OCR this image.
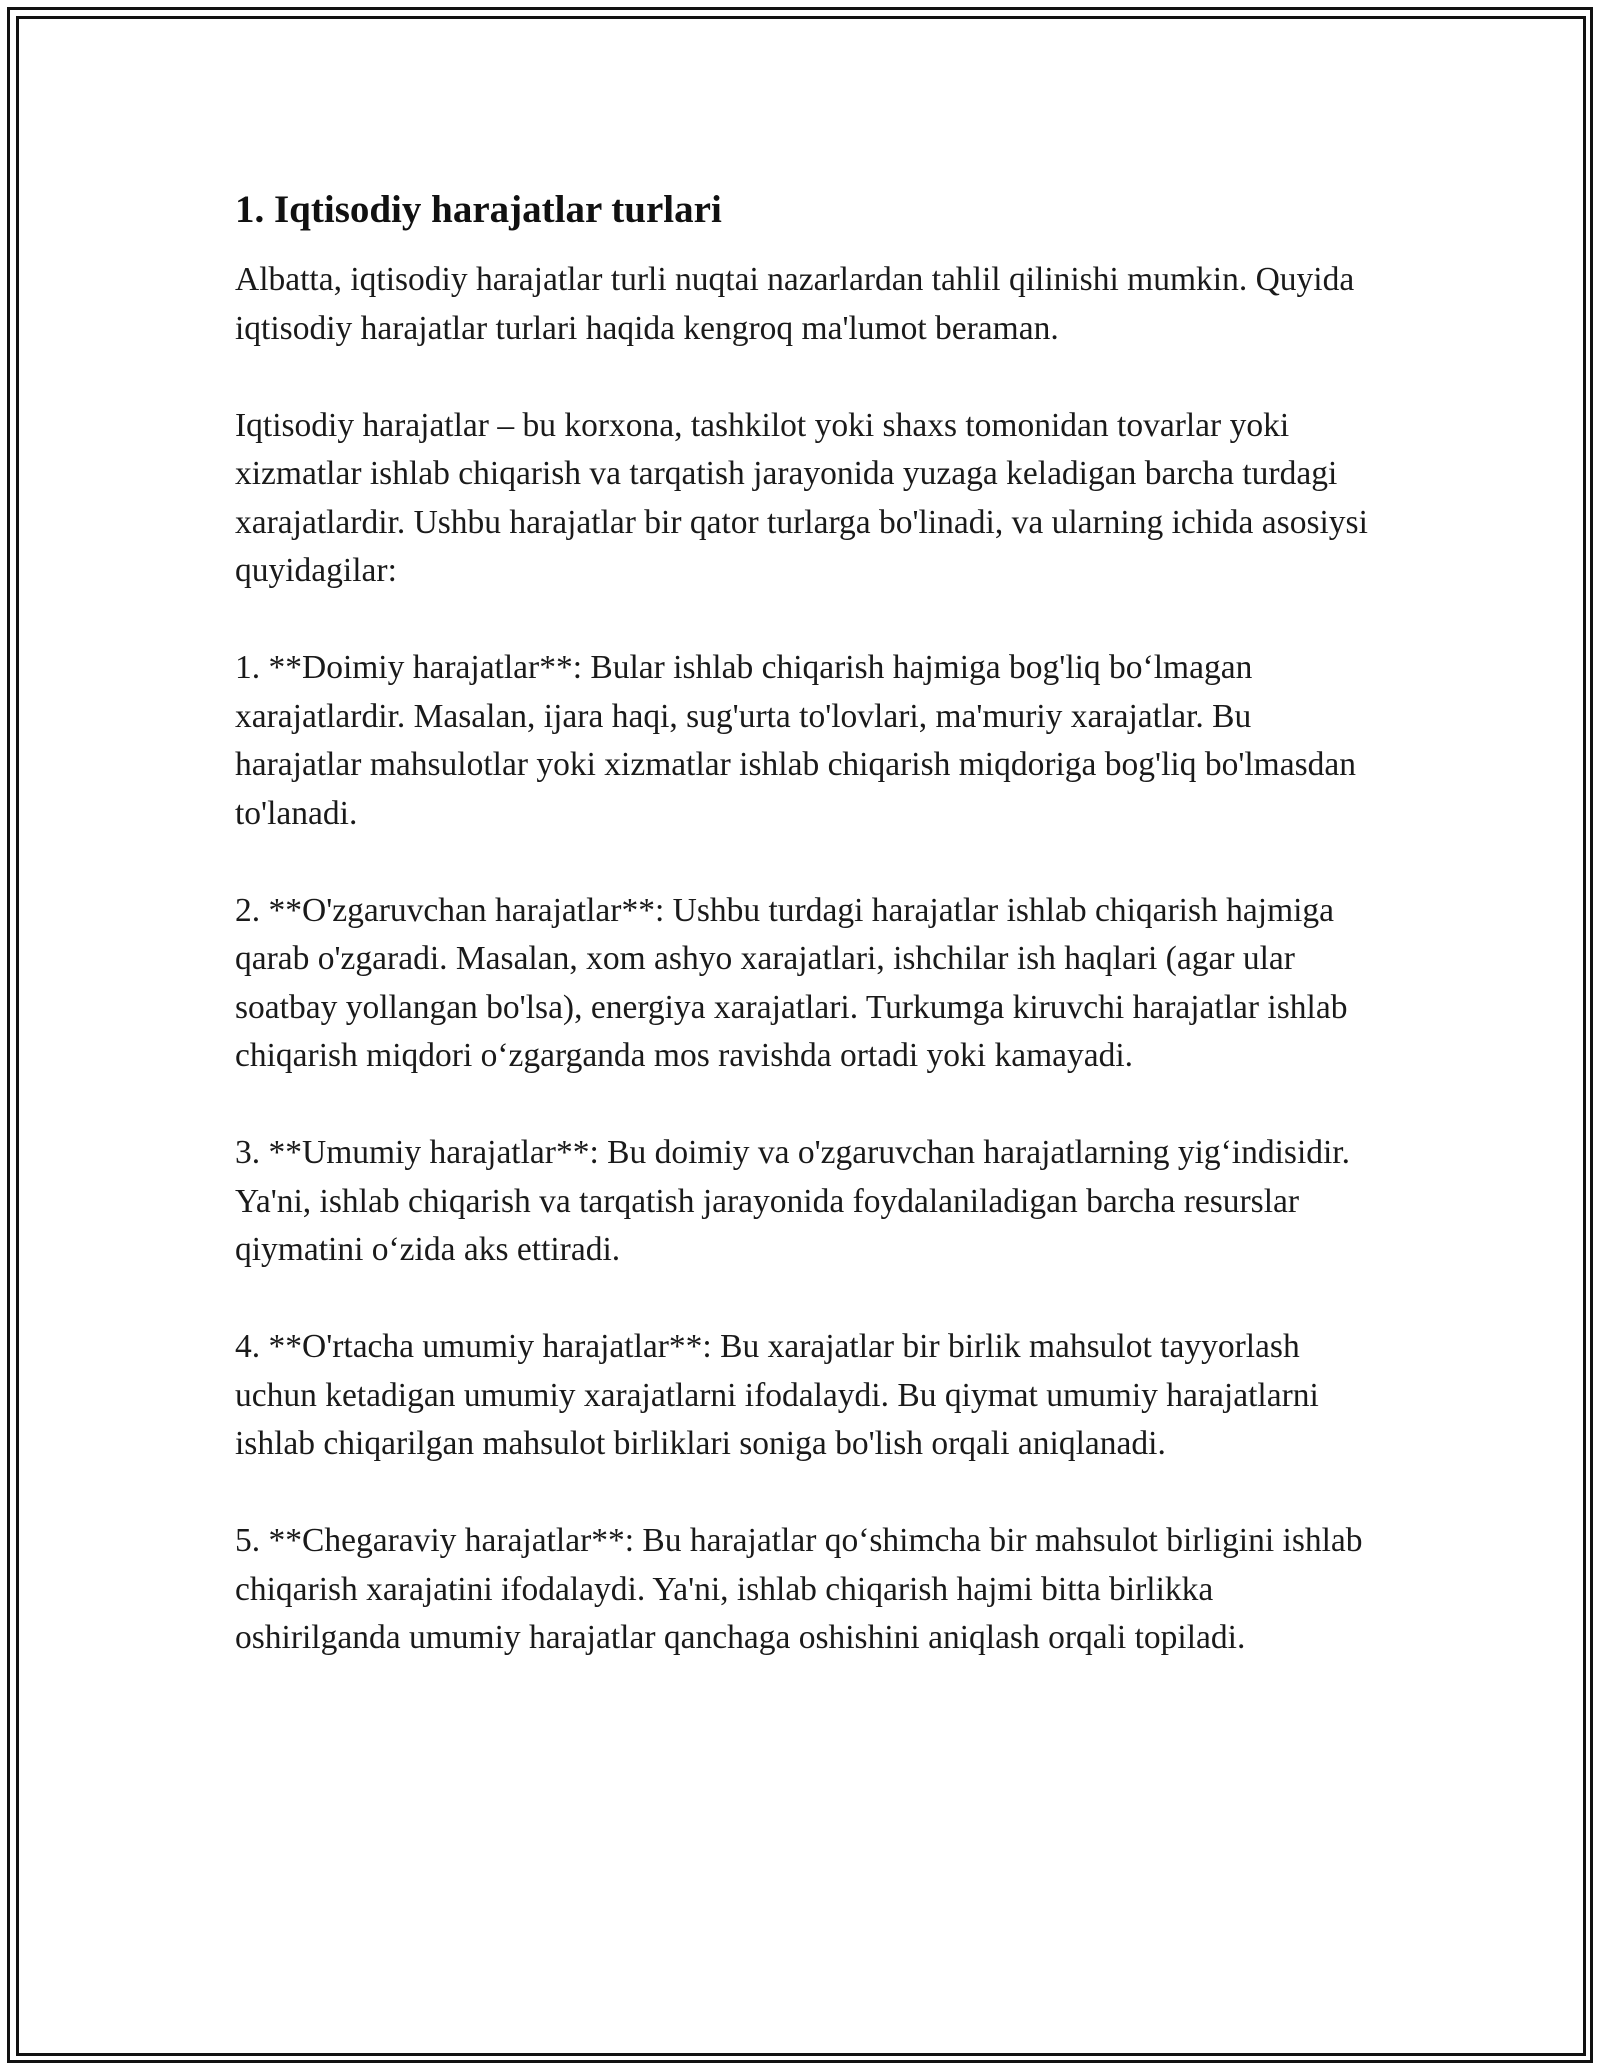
1. Iqtisodiy harajatlar turlari

Albatta, iqtisodiy harajatlar turli nuqtai nazarlardan tahlil qilinishi mumkin. Quyida iqtisodiy harajatlar turlari haqida kengroq ma'lumot beraman.

Iqtisodiy harajatlar – bu korxona, tashkilot yoki shaxs tomonidan tovarlar yoki xizmatlar ishlab chiqarish va tarqatish jarayonida yuzaga keladigan barcha turdagi xarajatlardir. Ushbu harajatlar bir qator turlarga bo'linadi, va ularning ichida asosiysi quyidagilar:

1. **Doimiy harajatlar**: Bular ishlab chiqarish hajmiga bog'liq bo‘lmagan xarajatlardir. Masalan, ijara haqi, sug'urta to'lovlari, ma'muriy xarajatlar. Bu harajatlar mahsulotlar yoki xizmatlar ishlab chiqarish miqdoriga bog'liq bo'lmasdan to'lanadi.

2. **O'zgaruvchan harajatlar**: Ushbu turdagi harajatlar ishlab chiqarish hajmiga qarab o'zgaradi. Masalan, xom ashyo xarajatlari, ishchilar ish haqlari (agar ular soatbay yollangan bo'lsa), energiya xarajatlari. Turkumga kiruvchi harajatlar ishlab chiqarish miqdori o‘zgarganda mos ravishda ortadi yoki kamayadi.

3. **Umumiy harajatlar**: Bu doimiy va o'zgaruvchan harajatlarning yig‘indisidir. Ya'ni, ishlab chiqarish va tarqatish jarayonida foydalaniladigan barcha resurslar qiymatini o‘zida aks ettiradi.

4. **O'rtacha umumiy harajatlar**: Bu xarajatlar bir birlik mahsulot tayyorlash uchun ketadigan umumiy xarajatlarni ifodalaydi. Bu qiymat umumiy harajatlarni ishlab chiqarilgan mahsulot birliklari soniga bo'lish orqali aniqlanadi.

5. **Chegaraviy harajatlar**: Bu harajatlar qo‘shimcha bir mahsulot birligini ishlab chiqarish xarajatini ifodalaydi. Ya'ni, ishlab chiqarish hajmi bitta birlikka oshirilganda umumiy harajatlar qanchaga oshishini aniqlash orqali topiladi.
